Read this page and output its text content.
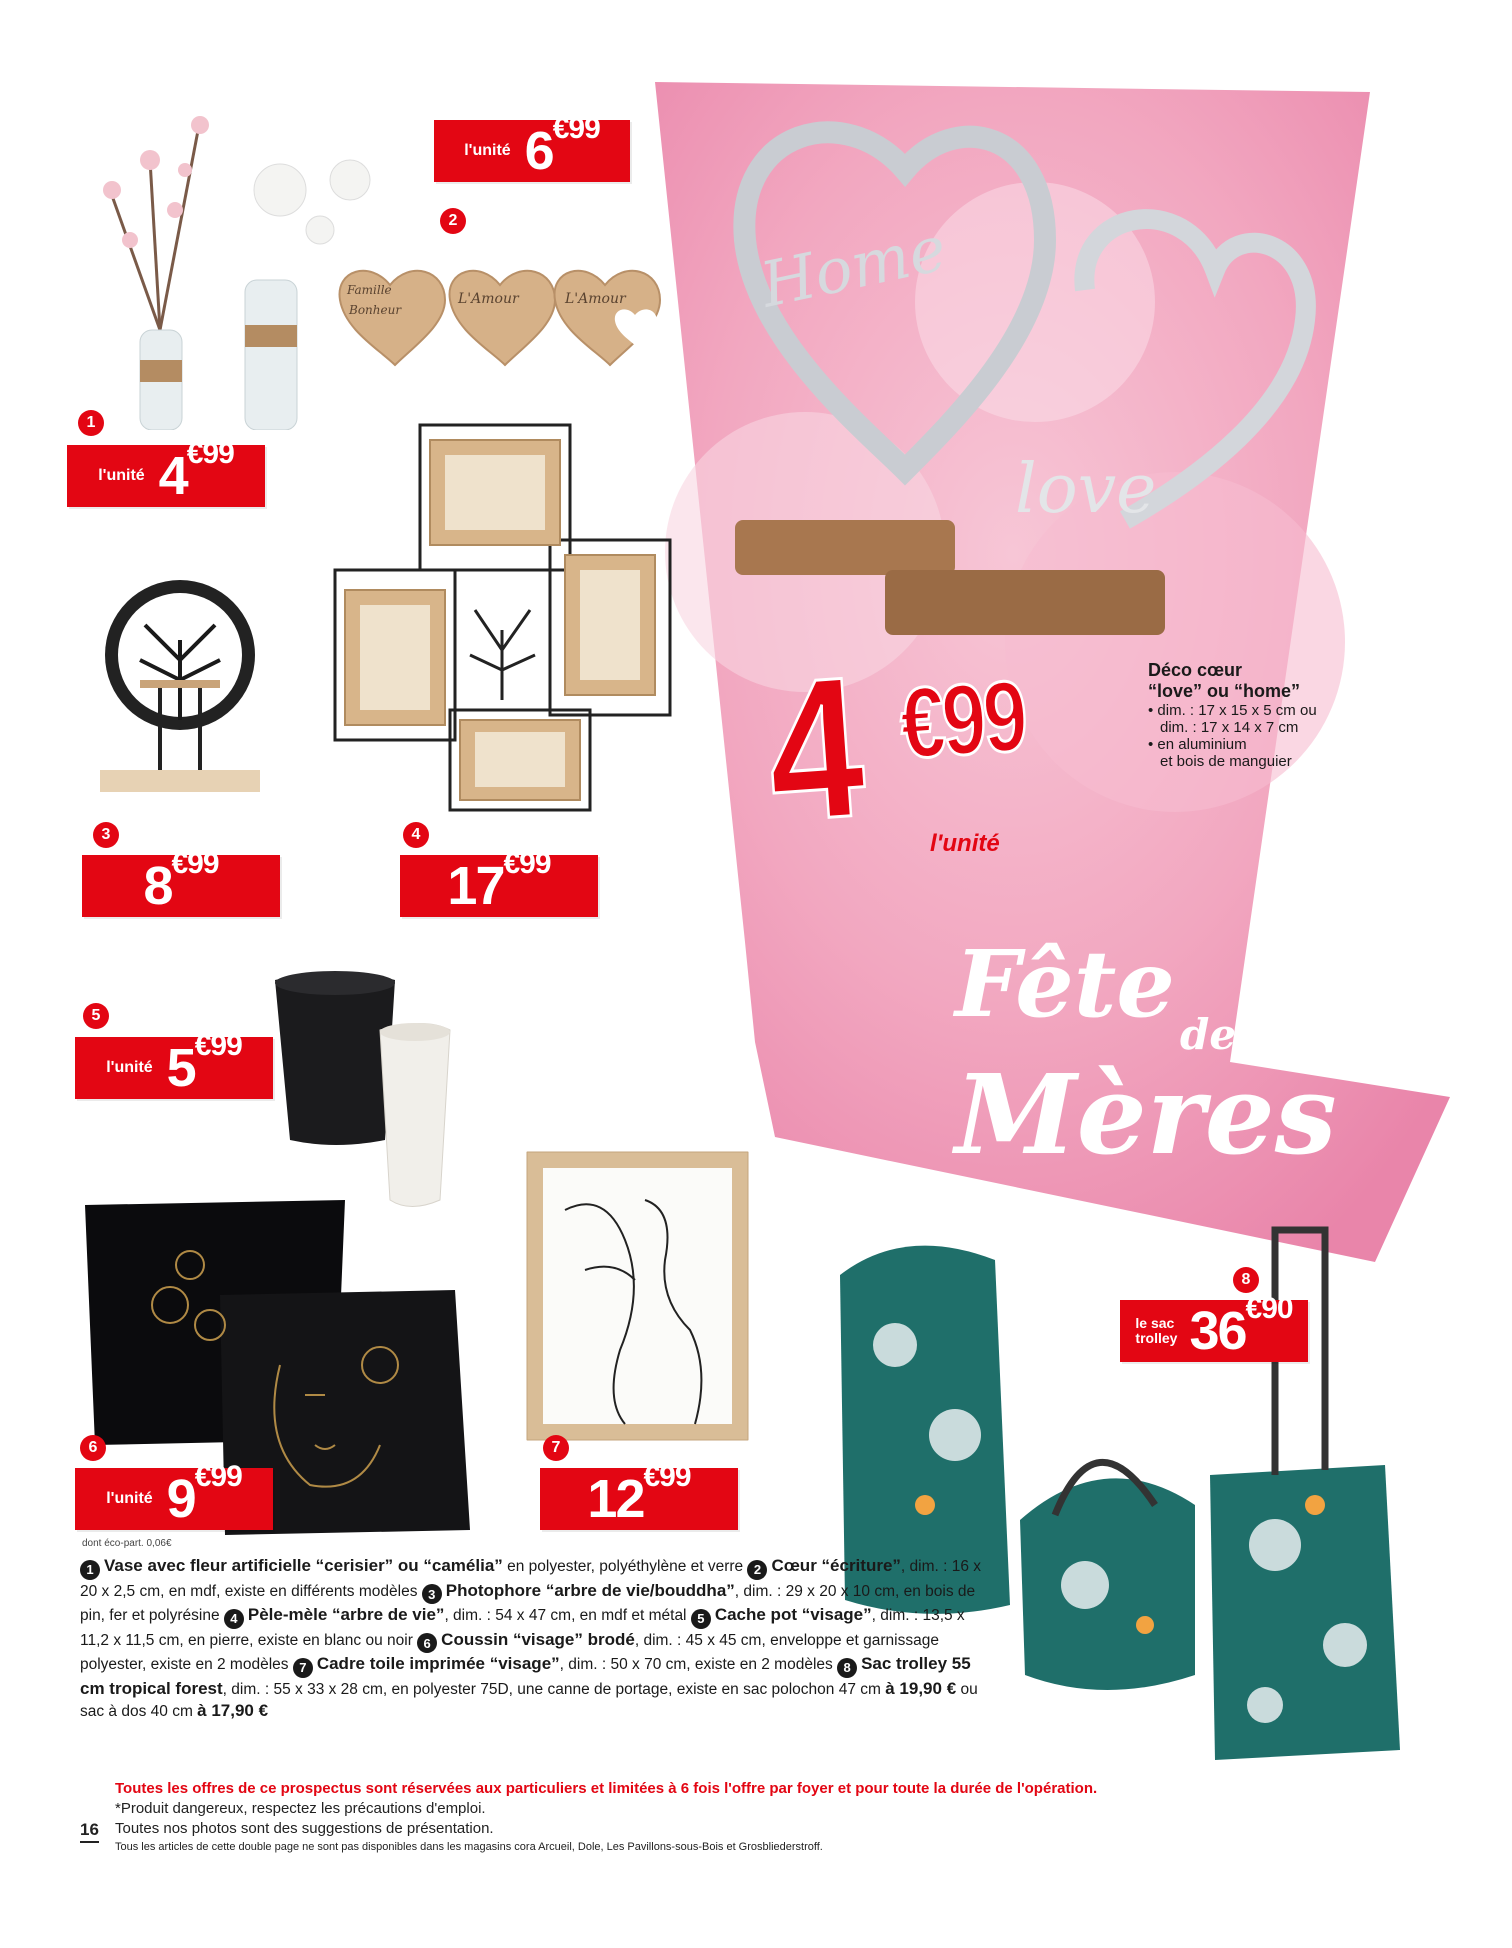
Home
love
4 €99
l'unité
Déco cœur
“love” ou “home”
• dim. : 17 x 15 x 5 cm ou
dim. : 17 x 14 x 7 cm
• en aluminium
et bois de manguier
Fête des
Mères
1
l'unité 4€99
2
l'unité 6€99
Famille
Bonheur
L'Amour	L'Amour
3
8€99
4
17€99
5
l'unité 5€99
6
l'unité 9€99
dont éco-part. 0,06€
7
12€99
8
le sac
trolley 36€90
1 Vase avec fleur artificielle “cerisier” ou “camélia” en polyester, polyéthylène et verre 2 Cœur “écriture”, dim. : 16 x 20 x 2,5 cm, en mdf, existe en différents modèles 3 Photophore “arbre de vie/bouddha”, dim. : 29 x 20 x 10 cm, en bois de pin, fer et polyrésine 4 Pèle-mèle “arbre de vie”, dim. : 54 x 47 cm, en mdf et métal 5 Cache pot “visage”, dim. : 13,5 x 11,2 x 11,5 cm, en pierre, existe en blanc ou noir 6 Coussin “visage” brodé, dim. : 45 x 45 cm, enveloppe et garnissage polyester, existe en 2 modèles 7 Cadre toile imprimée “visage”, dim. : 50 x 70 cm, existe en 2 modèles 8 Sac trolley 55 cm tropical forest, dim. : 55 x 33 x 28 cm, en polyester 75D, une canne de portage, existe en sac polochon 47 cm à 19,90 € ou sac à dos 40 cm à 17,90 €
Toutes les offres de ce prospectus sont réservées aux particuliers et limitées à 6 fois l'offre par foyer et pour toute la durée de l'opération.
*Produit dangereux, respectez les précautions d'emploi.
16 Toutes nos photos sont des suggestions de présentation.
Tous les articles de cette double page ne sont pas disponibles dans les magasins cora Arcueil, Dole, Les Pavillons-sous-Bois et Grosbliederstroff.
